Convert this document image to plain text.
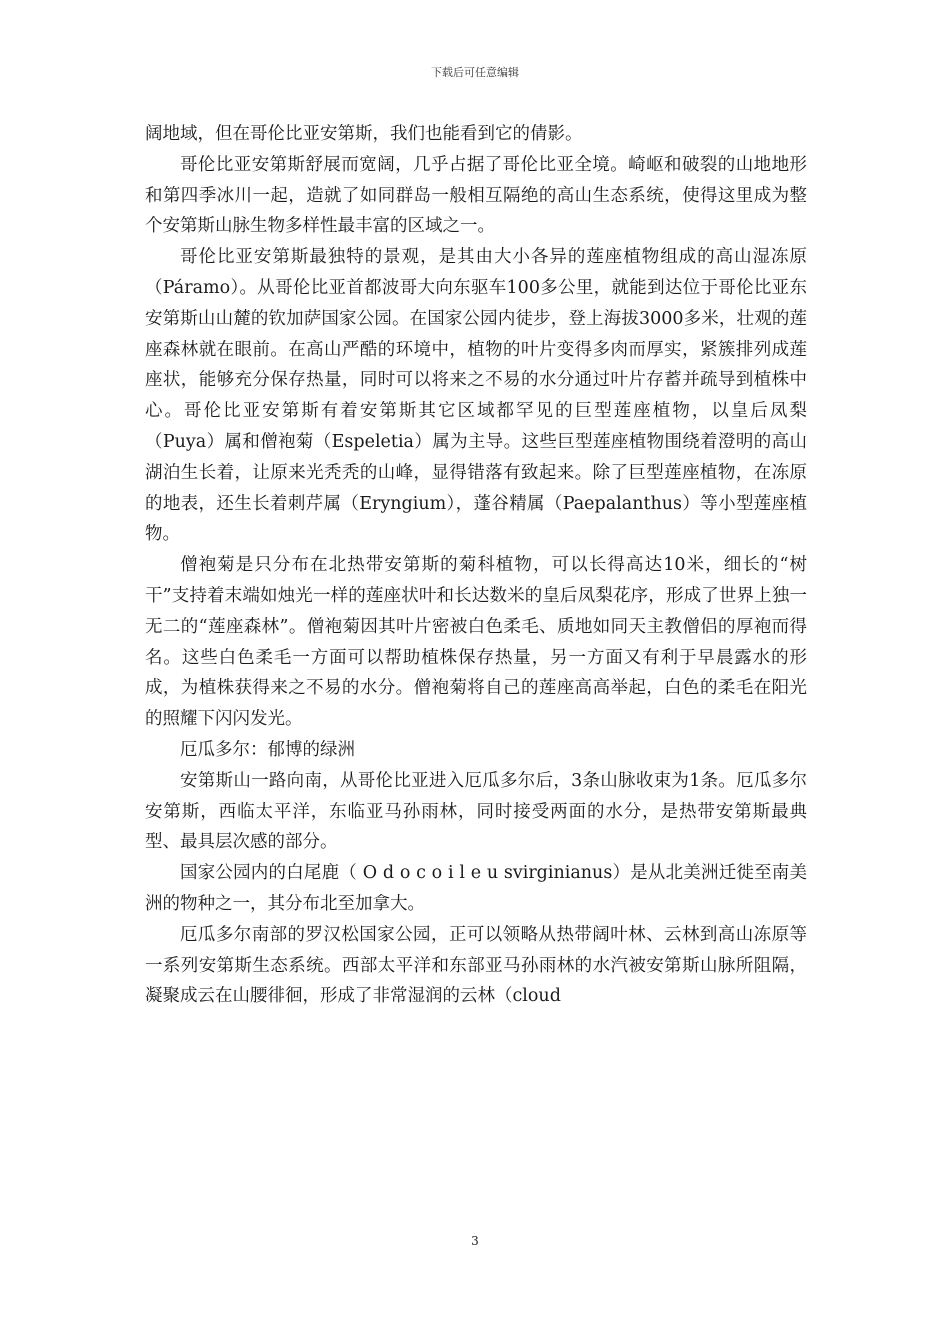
下载后可任意编辑

阔地域，但在哥伦比亚安第斯，我们也能看到它的倩影。

哥伦比亚安第斯舒展而宽阔，几乎占据了哥伦比亚全境。崎岖和破裂的山地地形和第四季冰川一起，造就了如同群岛一般相互隔绝的高山生态系统，使得这里成为整个安第斯山脉生物多样性最丰富的区域之一。

哥伦比亚安第斯最独特的景观，是其由大小各异的莲座植物组成的高山湿冻原（Páramo）。从哥伦比亚首都波哥大向东驱车100多公里，就能到达位于哥伦比亚东安第斯山山麓的钦加萨国家公园。在国家公园内徒步，登上海拔3000多米，壮观的莲座森林就在眼前。在高山严酷的环境中，植物的叶片变得多肉而厚实，紧簇排列成莲座状，能够充分保存热量，同时可以将来之不易的水分通过叶片存蓄并疏导到植株中心。哥伦比亚安第斯有着安第斯其它区域都罕见的巨型莲座植物，以皇后凤梨（Puya）属和僧袍菊（Espeletia）属为主导。这些巨型莲座植物围绕着澄明的高山湖泊生长着，让原来光秃秃的山峰，显得错落有致起来。除了巨型莲座植物，在冻原的地表，还生长着刺芹属（Eryngium），蓬谷精属（Paepalanthus）等小型莲座植物。

僧袍菊是只分布在北热带安第斯的菊科植物，可以长得高达10米，细长的“树干”支持着末端如烛光一样的莲座状叶和长达数米的皇后凤梨花序，形成了世界上独一无二的“莲座森林”。僧袍菊因其叶片密被白色柔毛、质地如同天主教僧侣的厚袍而得名。这些白色柔毛一方面可以帮助植株保存热量，另一方面又有利于早晨露水的形成，为植株获得来之不易的水分。僧袍菊将自己的莲座高高举起，白色的柔毛在阳光的照耀下闪闪发光。

厄瓜多尔：郁博的绿洲

安第斯山一路向南，从哥伦比亚进入厄瓜多尔后，3条山脉收束为1条。厄瓜多尔安第斯，西临太平洋，东临亚马孙雨林，同时接受两面的水分，是热带安第斯最典型、最具层次感的部分。

国家公园内的白尾鹿（ O d o c o i l e u svirginianus）是从北美洲迁徙至南美洲的物种之一，其分布北至加拿大。

厄瓜多尔南部的罗汉松国家公园，正可以领略从热带阔叶林、云林到高山冻原等一系列安第斯生态系统。西部太平洋和东部亚马孙雨林的水汽被安第斯山脉所阻隔，凝聚成云在山腰徘徊，形成了非常湿润的云林（cloud

3
